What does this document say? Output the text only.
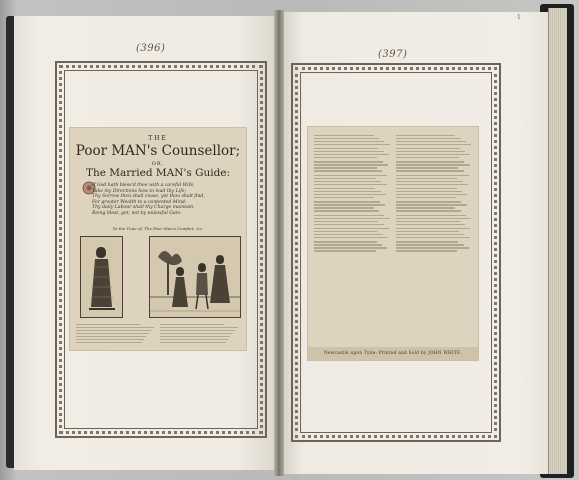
(396)
(397)
1
THE
Poor MAN's Counsellor;
OR,
The Married MAN's Guide:
If God hath bless'd thee with a careful Wife,
Take my Directions how to lead thy Life;
Thy Sorrow then shall cease, yet thou shalt find,
For greater Wealth to a contented Mind:
Thy daily Labour shall thy Charge maintain,
Being blest, get, not by unlawful Gain.
To the Tune of, The Poor Man's Comfort, &c.
Newcastle upon Tyne: Printed and Sold by JOHN WHITE.
